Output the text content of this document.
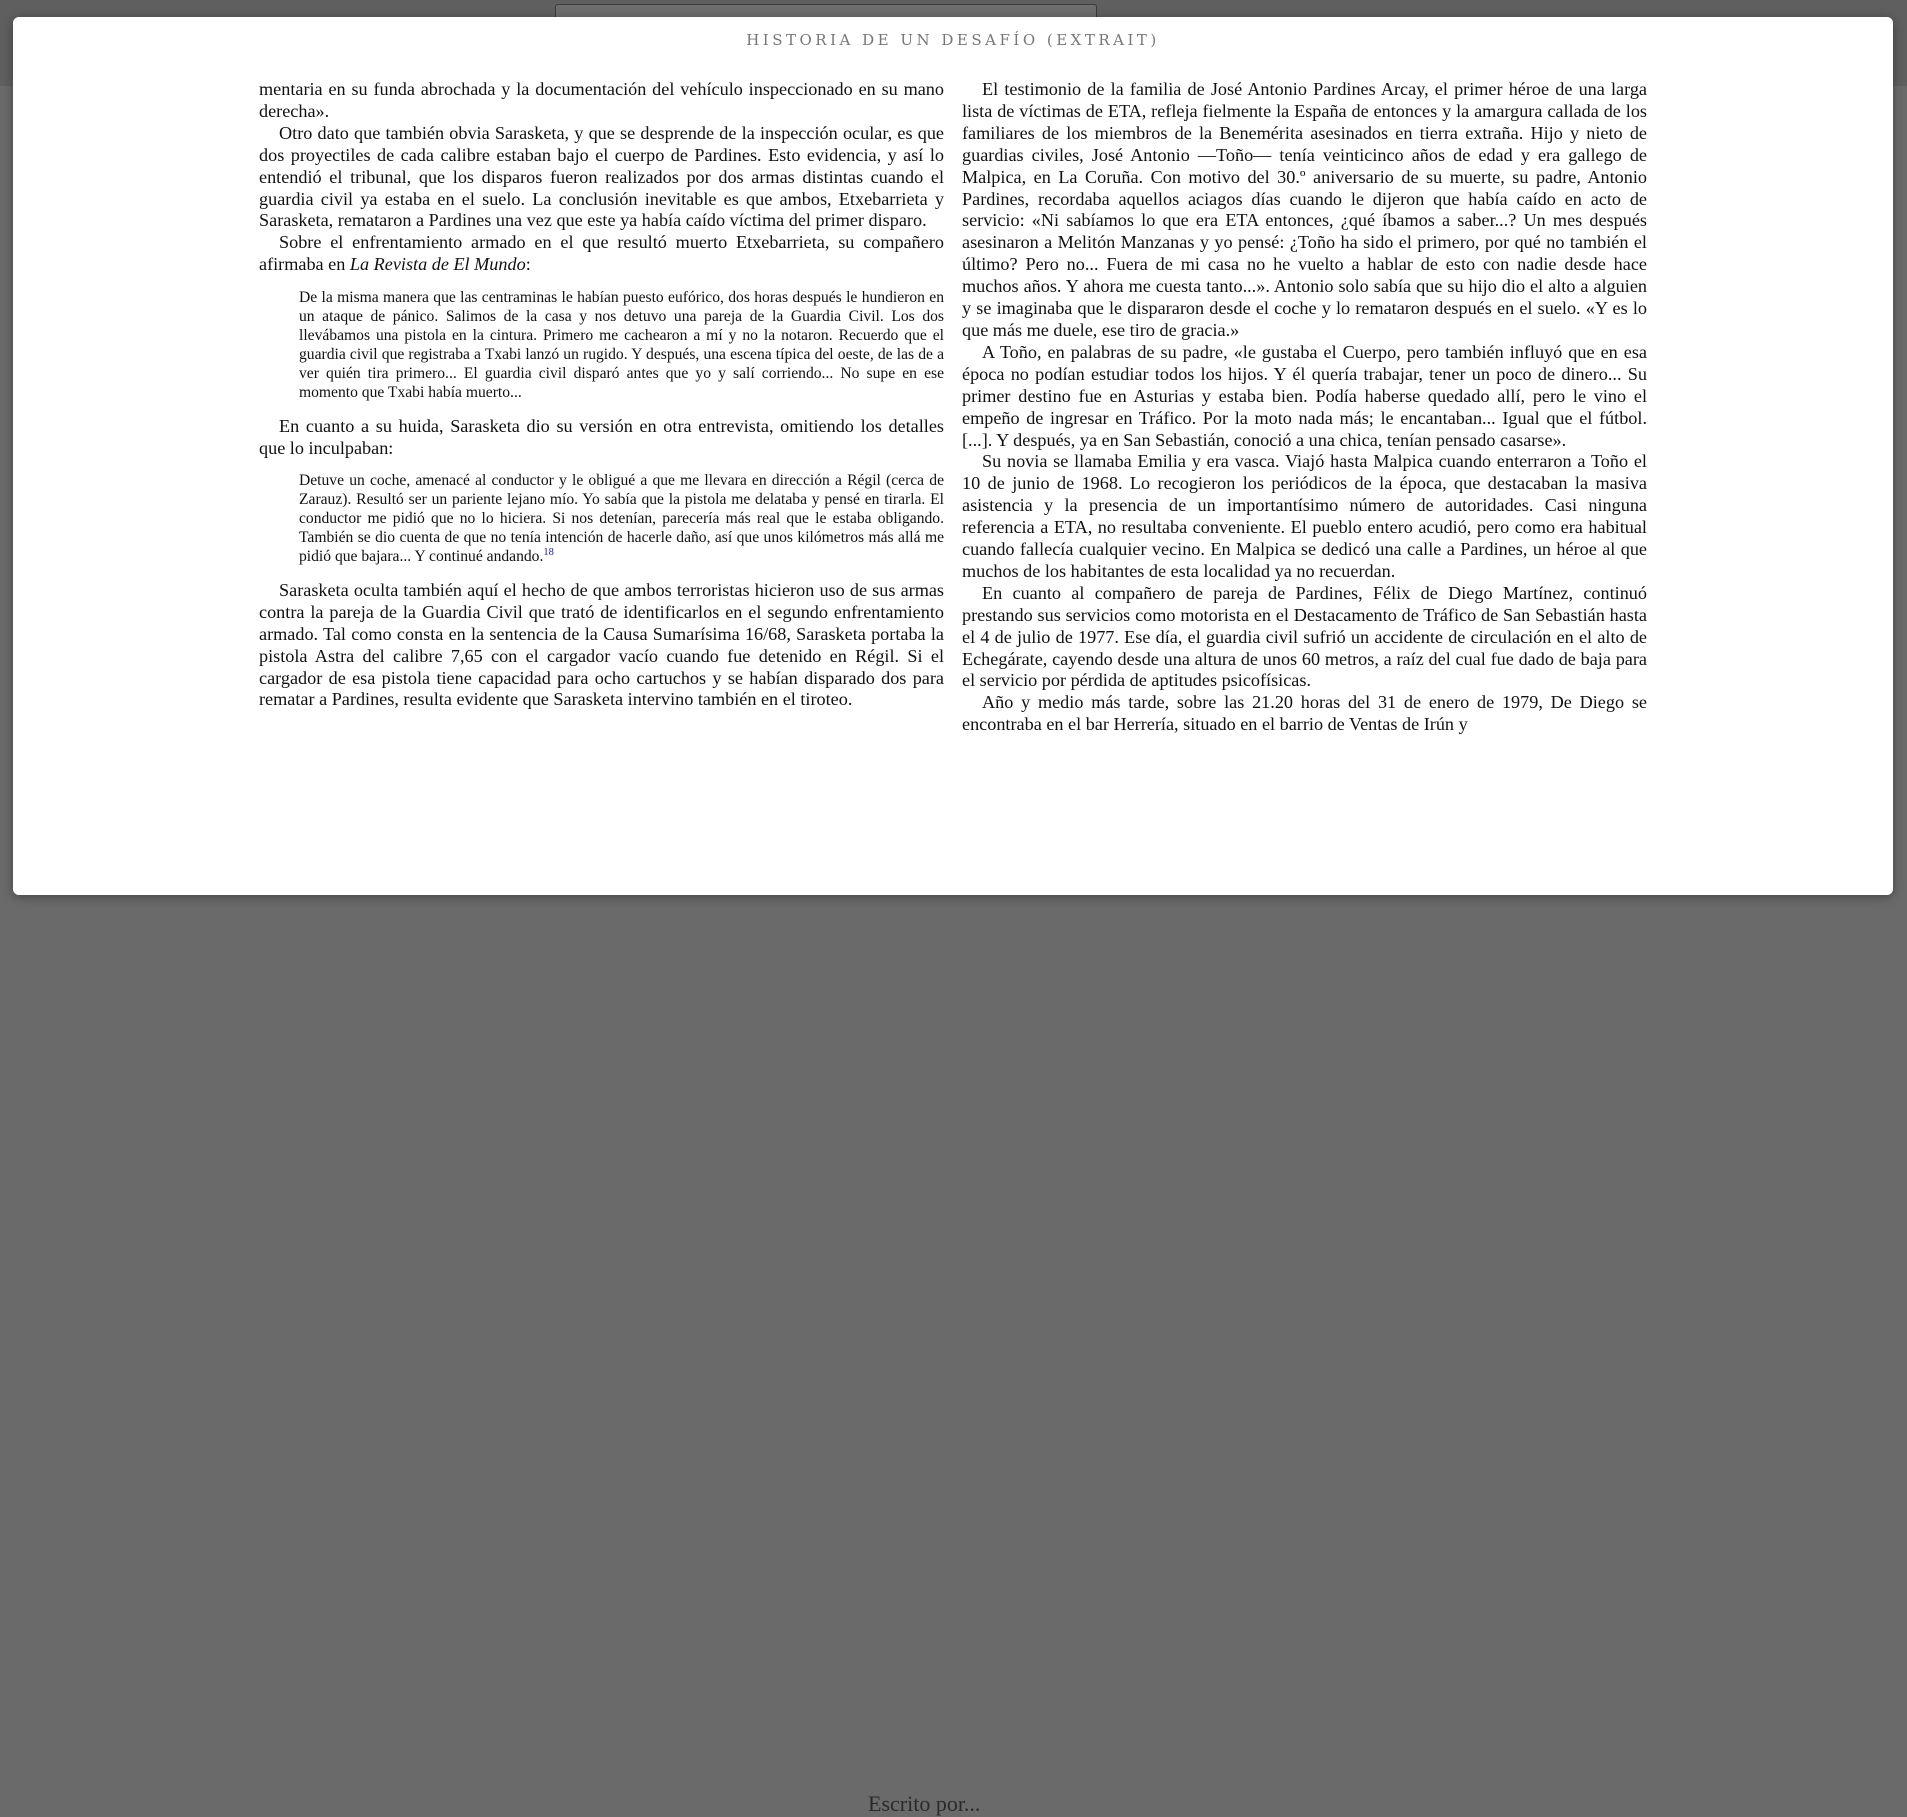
Escrito por...
HISTORIA DE UN DESAFÍO (EXTRAIT)

mentaria en su funda abrochada y la documentación del vehículo inspeccionado en su mano derecha».

Otro dato que también obvia Sarasketa, y que se desprende de la inspección ocular, es que dos proyectiles de cada calibre estaban bajo el cuerpo de Pardines. Esto evidencia, y así lo entendió el tribunal, que los disparos fueron realizados por dos armas distintas cuando el guardia civil ya estaba en el suelo. La conclusión inevitable es que ambos, Etxebarrieta y Sarasketa, remataron a Pardines una vez que este ya había caído víctima del primer disparo.

Sobre el enfrentamiento armado en el que resultó muerto Etxebarrieta, su compañero afirmaba en La Revista de El Mundo:

De la misma manera que las centraminas le habían puesto eufórico, dos horas después le hundieron en un ataque de pánico. Salimos de la casa y nos detuvo una pareja de la Guardia Civil. Los dos llevábamos una pistola en la cintura. Primero me cachearon a mí y no la notaron. Recuerdo que el guardia civil que registraba a Txabi lanzó un rugido. Y después, una escena típica del oeste, de las de a ver quién tira primero... El guardia civil disparó antes que yo y salí corriendo... No supe en ese momento que Txabi había muerto...

En cuanto a su huida, Sarasketa dio su versión en otra entrevista, omitiendo los detalles que lo inculpaban:

Detuve un coche, amenacé al conductor y le obligué a que me llevara en dirección a Régil (cerca de Zarauz). Resultó ser un pariente lejano mío. Yo sabía que la pistola me delataba y pensé en tirarla. El conductor me pidió que no lo hiciera. Si nos detenían, parecería más real que le estaba obligando. También se dio cuenta de que no tenía intención de hacerle daño, así que unos kilómetros más allá me pidió que bajara... Y continué andando.$^{18}$

Sarasketa oculta también aquí el hecho de que ambos terroristas hicieron uso de sus armas contra la pareja de la Guardia Civil que trató de identificarlos en el segundo enfrentamiento armado. Tal como consta en la sentencia de la Causa Sumarísima 16/68, Sarasketa portaba la pistola Astra del calibre 7,65 con el cargador vacío cuando fue detenido en Régil. Si el cargador de esa pistola tiene capacidad para ocho cartuchos y se habían disparado dos para rematar a Pardines, resulta evidente que Sarasketa intervino también en el tiroteo.

El testimonio de la familia de José Antonio Pardines Arcay, el primer héroe de una larga lista de víctimas de ETA, refleja fielmente la España de entonces y la amargura callada de los familiares de los miembros de la Benemérita asesinados en tierra extraña. Hijo y nieto de guardias civiles, José Antonio —Toño— tenía veinticinco años de edad y era gallego de Malpica, en La Coruña. Con motivo del 30.º aniversario de su muerte, su padre, Antonio Pardines, recordaba aquellos aciagos días cuando le dijeron que había caído en acto de servicio: «Ni sabíamos lo que era ETA entonces, ¿qué íbamos a saber...? Un mes después asesinaron a Melitón Manzanas y yo pensé: ¿Toño ha sido el primero, por qué no también el último? Pero no... Fuera de mi casa no he vuelto a hablar de esto con nadie desde hace muchos años. Y ahora me cuesta tanto...». Antonio solo sabía que su hijo dio el alto a alguien y se imaginaba que le dispararon desde el coche y lo remataron después en el suelo. «Y es lo que más me duele, ese tiro de gracia.»

A Toño, en palabras de su padre, «le gustaba el Cuerpo, pero también influyó que en esa época no podían estudiar todos los hijos. Y él quería trabajar, tener un poco de dinero... Su primer destino fue en Asturias y estaba bien. Podía haberse quedado allí, pero le vino el empeño de ingresar en Tráfico. Por la moto nada más; le encantaban... Igual que el fútbol. [...]. Y después, ya en San Sebastián, conoció a una chica, tenían pensado casarse».

Su novia se llamaba Emilia y era vasca. Viajó hasta Malpica cuando enterraron a Toño el 10 de junio de 1968. Lo recogieron los periódicos de la época, que destacaban la masiva asistencia y la presencia de un importantísimo número de autoridades. Casi ninguna referencia a ETA, no resultaba conveniente. El pueblo entero acudió, pero como era habitual cuando fallecía cualquier vecino. En Malpica se dedicó una calle a Pardines, un héroe al que muchos de los habitantes de esta localidad ya no recuerdan.

En cuanto al compañero de pareja de Pardines, Félix de Diego Martínez, continuó prestando sus servicios como motorista en el Destacamento de Tráfico de San Sebastián hasta el 4 de julio de 1977. Ese día, el guardia civil sufrió un accidente de circulación en el alto de Echegárate, cayendo desde una altura de unos 60 metros, a raíz del cual fue dado de baja para el servicio por pérdida de aptitudes psicofísicas.

Año y medio más tarde, sobre las 21.20 horas del 31 de enero de 1979, De Diego se encontraba en el bar Herrería, situado en el barrio de Ventas de Irún y
